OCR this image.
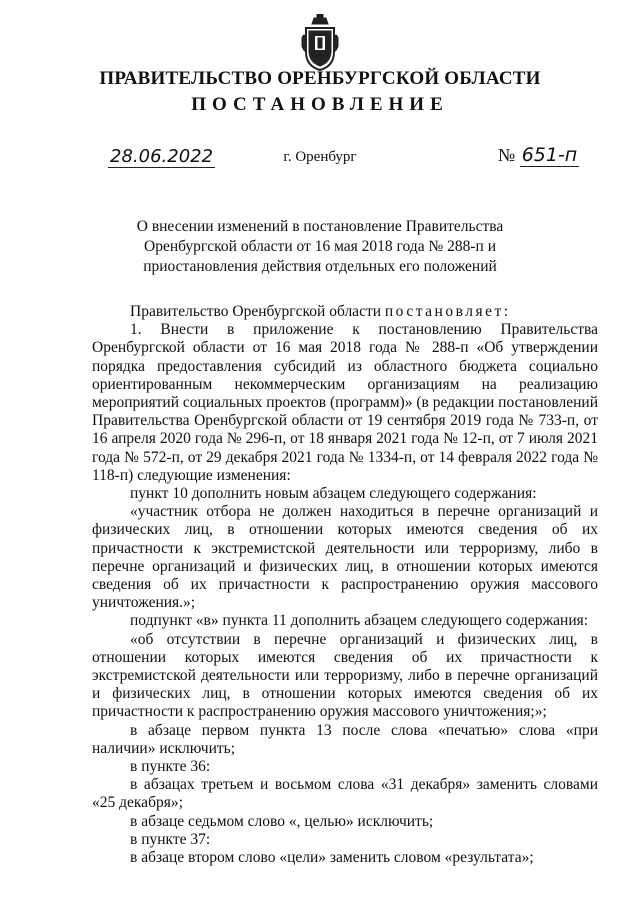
ПРАВИТЕЛЬСТВО ОРЕНБУРГСКОЙ ОБЛАСТИ
ПОСТАНОВЛЕНИЕ
28.06.2022	г. Оренбург	№ 651-п
О внесении изменений в постановление Правительства
Оренбургской области от 16 мая 2018 года № 288-п и
приостановления действия отдельных его положений

Правительство Оренбургской области постановляет:

1. Внести в приложение к постановлению Правительства Оренбургской области от 16 мая 2018 года № 288-п «Об утверждении порядка предоставления субсидий из областного бюджета социально ориентированным некоммерческим организациям на реализацию мероприятий социальных проектов (программ)» (в редакции постановлений Правительства Оренбургской области от 19 сентября 2019 года № 733-п, от 16 апреля 2020 года № 296-п, от 18 января 2021 года № 12-п, от 7 июля 2021 года № 572-п, от 29 декабря 2021 года № 1334-п, от 14 февраля 2022 года № 118-п) следующие изменения:

пункт 10 дополнить новым абзацем следующего содержания:

«участник отбора не должен находиться в перечне организаций и физических лиц, в отношении которых имеются сведения об их причастности к экстремистской деятельности или терроризму, либо в перечне организаций и физических лиц, в отношении которых имеются сведения об их причастности к распространению оружия массового уничтожения.»;

подпункт «в» пункта 11 дополнить абзацем следующего содержания:

«об отсутствии в перечне организаций и физических лиц, в отношении которых имеются сведения об их причастности к экстремистской деятельности или терроризму, либо в перечне организаций и физических лиц, в отношении которых имеются сведения об их причастности к распространению оружия массового уничтожения;»;

в абзаце первом пункта 13 после слова «печатью» слова «при наличии» исключить;

в пункте 36:

в абзацах третьем и восьмом слова «31 декабря» заменить словами «25 декабря»;

в абзаце седьмом слово «, целью» исключить;

в пункте 37:

в абзаце втором слово «цели» заменить словом «результата»;
